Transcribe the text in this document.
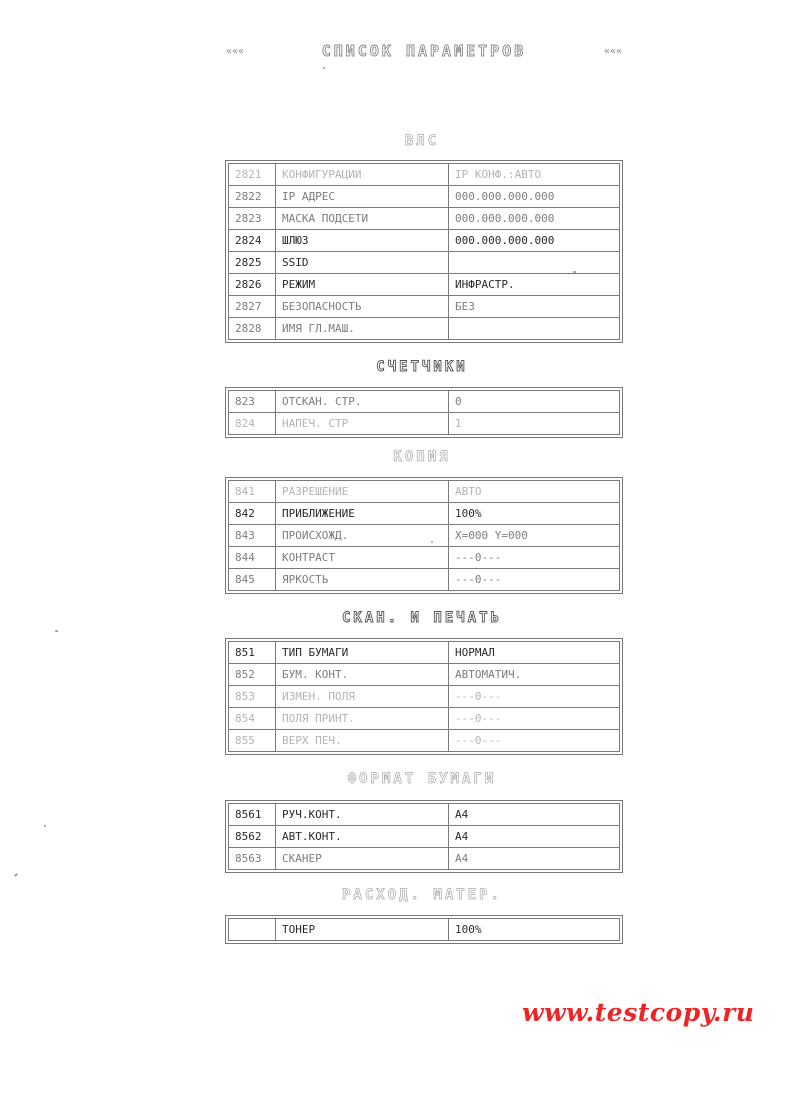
«««	СПИСОК ПАРАМЕТРОВ	«««
ВЛС
2821	КОНФИГУРАЦИИ	IP КОНФ.:АВТО
2822	IP АДРЕС	000.000.000.000
2823	МАСКА ПОДСЕТИ	000.000.000.000
2824	ШЛЮЗ	000.000.000.000
2825	SSID	
2826	РЕЖИМ	ИНФРАСТР.
2827	БЕЗОПАСНОСТЬ	БЕЗ
2828	ИМЯ ГЛ.МАШ.	
СЧЕТЧИКИ
823	ОТСКАН. СТР.	0
824	НАПЕЧ. СТР	1
КОПИЯ
841	РАЗРЕШЕНИЕ	АВТО
842	ПРИБЛИЖЕНИЕ	100%
843	ПРОИСХОЖД.	X=000 Y=000
844	КОНТРАСТ	---0---
845	ЯРКОСТЬ	---0---
СКАН. И ПЕЧАТЬ
851	ТИП БУМАГИ	НОРМАЛ
852	БУМ. КОНТ.	АВТОМАТИЧ.
853	ИЗМЕН. ПОЛЯ	---0---
854	ПОЛЯ ПРИНТ.	---0---
855	ВЕРХ ПЕЧ.	---0---
ФОРМАТ БУМАГИ
8561	РУЧ.КОНТ.	A4
8562	АВТ.КОНТ.	A4
8563	СКАНЕР	A4
РАСХОД. МАТЕР.
	ТОНЕР	100%
www.testcopy.ru
